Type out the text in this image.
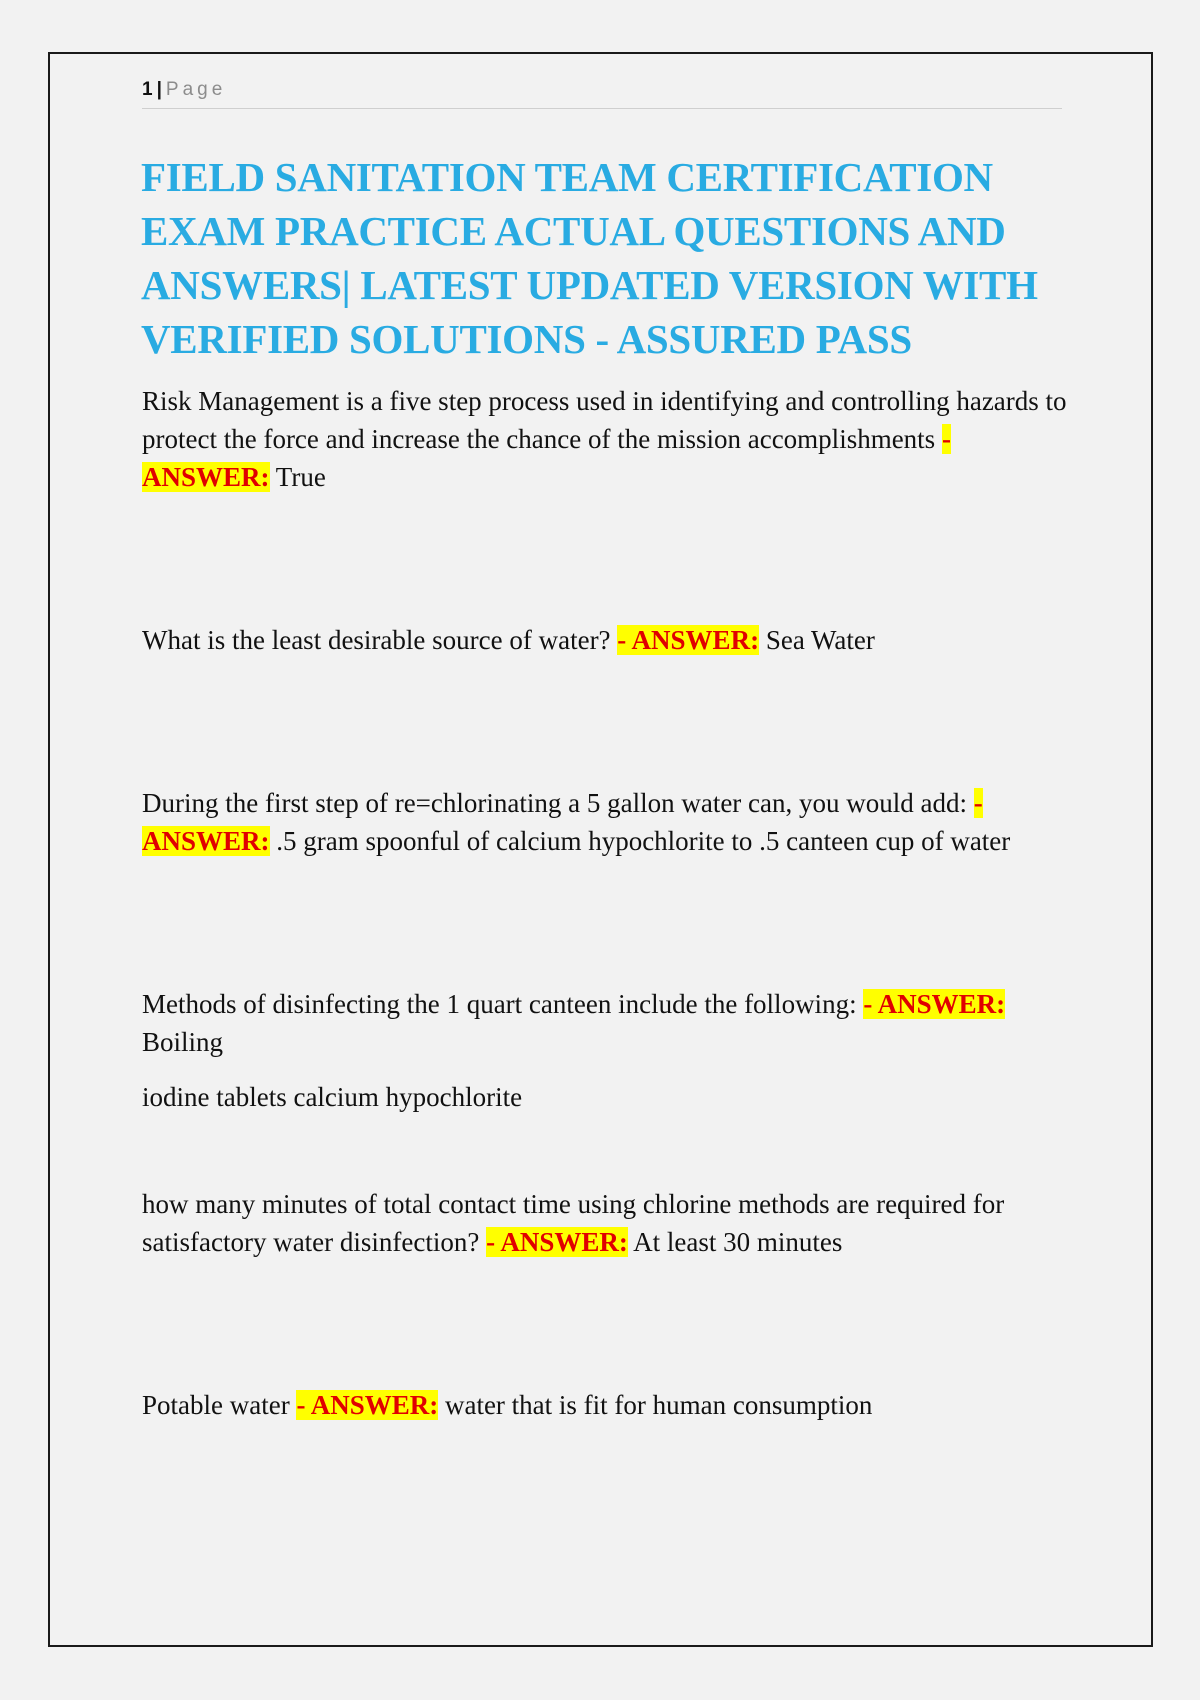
1 | Page
FIELD SANITATION TEAM CERTIFICATION EXAM PRACTICE ACTUAL QUESTIONS AND ANSWERS| LATEST UPDATED VERSION WITH VERIFIED SOLUTIONS - ASSURED PASS

Risk Management is a five step process used in identifying and controlling hazards to protect the force and increase the chance of the mission accomplishments - ANSWER: True

What is the least desirable source of water? - ANSWER: Sea Water

During the first step of re=chlorinating a 5 gallon water can, you would add: - ANSWER: .5 gram spoonful of calcium hypochlorite to .5 canteen cup of water

Methods of disinfecting the 1 quart canteen include the following: - ANSWER: Boiling

iodine tablets calcium hypochlorite

how many minutes of total contact time using chlorine methods are required for satisfactory water disinfection? - ANSWER: At least 30 minutes

Potable water - ANSWER: water that is fit for human consumption
